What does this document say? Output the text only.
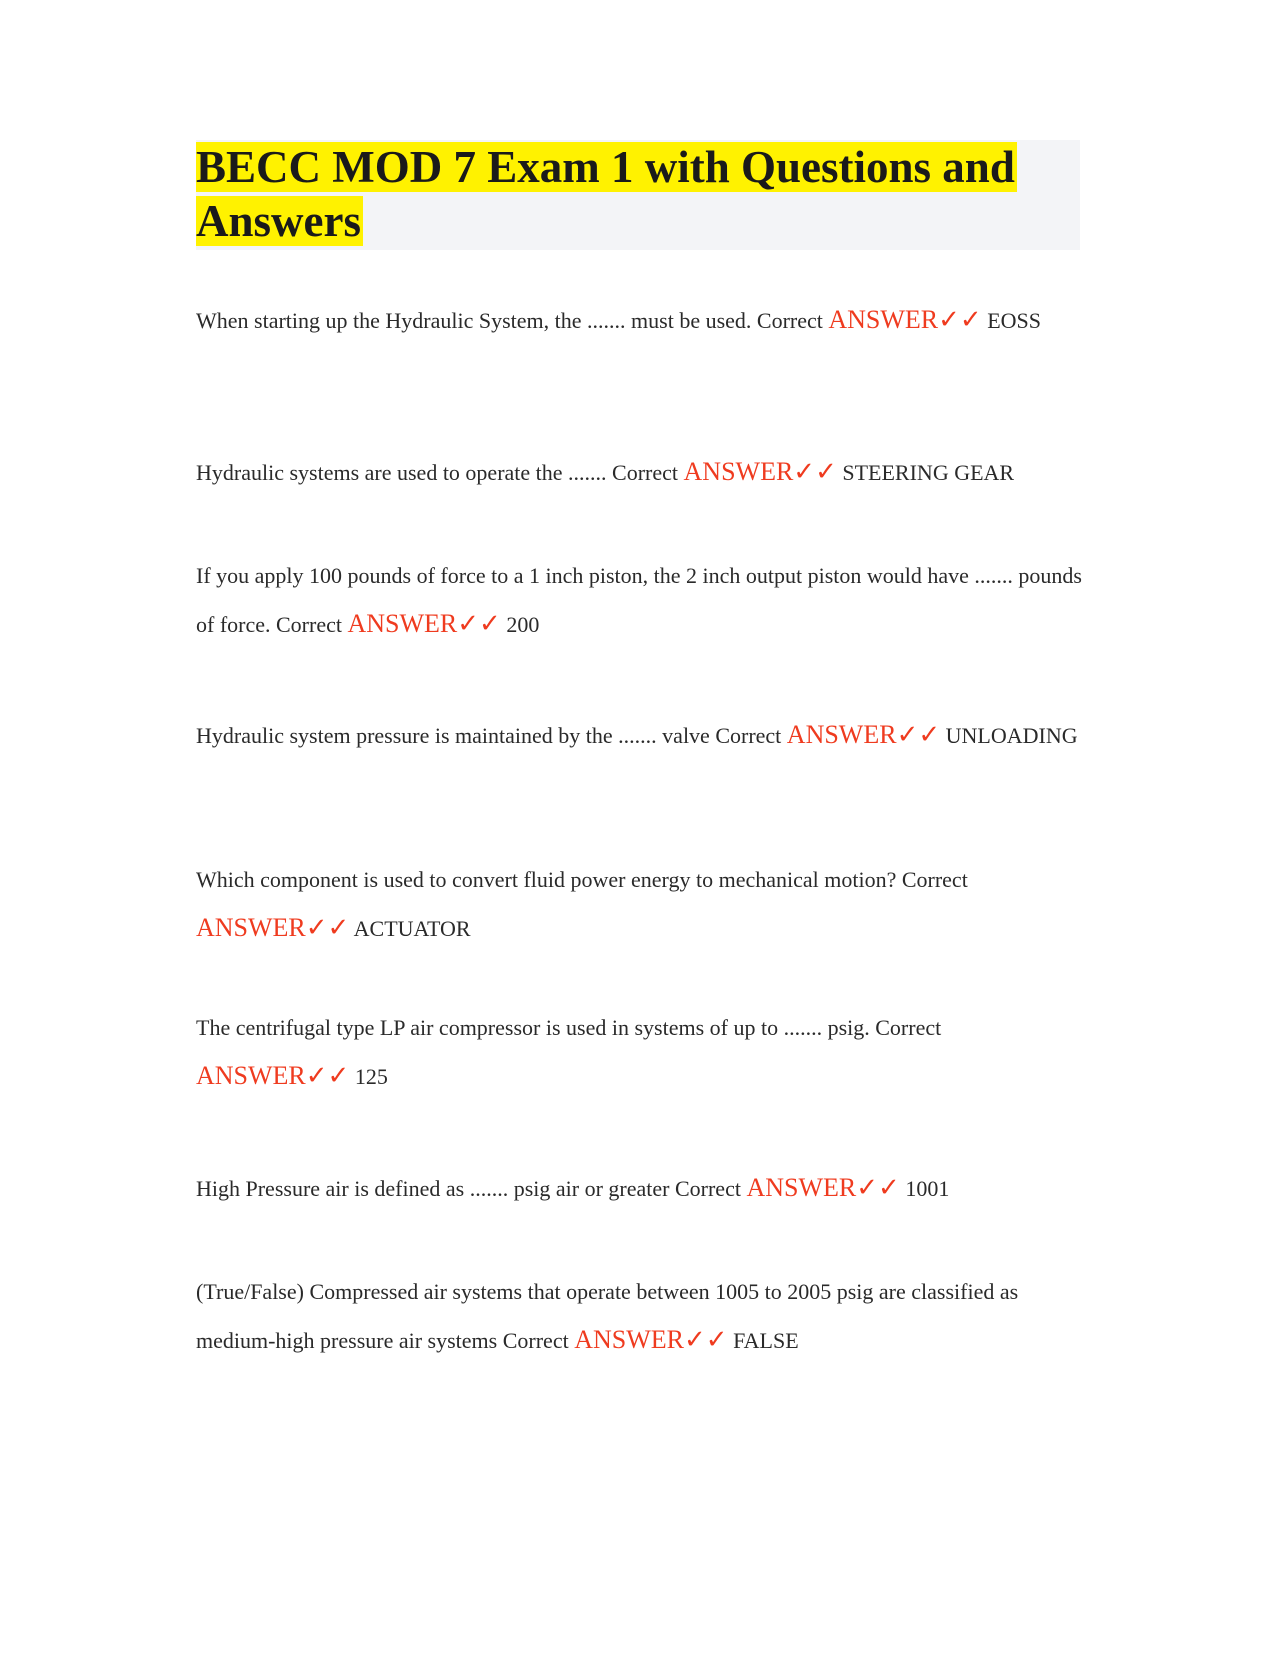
BECC MOD 7 Exam 1 with Questions and Answers
When starting up the Hydraulic System, the ....... must be used. Correct ANSWER✓✓ EOSS
Hydraulic systems are used to operate the ....... Correct ANSWER✓✓ STEERING GEAR
If you apply 100 pounds of force to a 1 inch piston, the 2 inch output piston would have ....... pounds of force. Correct ANSWER✓✓ 200
Hydraulic system pressure is maintained by the ....... valve Correct ANSWER✓✓ UNLOADING
Which component is used to convert fluid power energy to mechanical motion? Correct ANSWER✓✓ ACTUATOR
The centrifugal type LP air compressor is used in systems of up to ....... psig. Correct ANSWER✓✓ 125
High Pressure air is defined as ....... psig air or greater Correct ANSWER✓✓ 1001
(True/False) Compressed air systems that operate between 1005 to 2005 psig are classified as medium-high pressure air systems Correct ANSWER✓✓ FALSE
